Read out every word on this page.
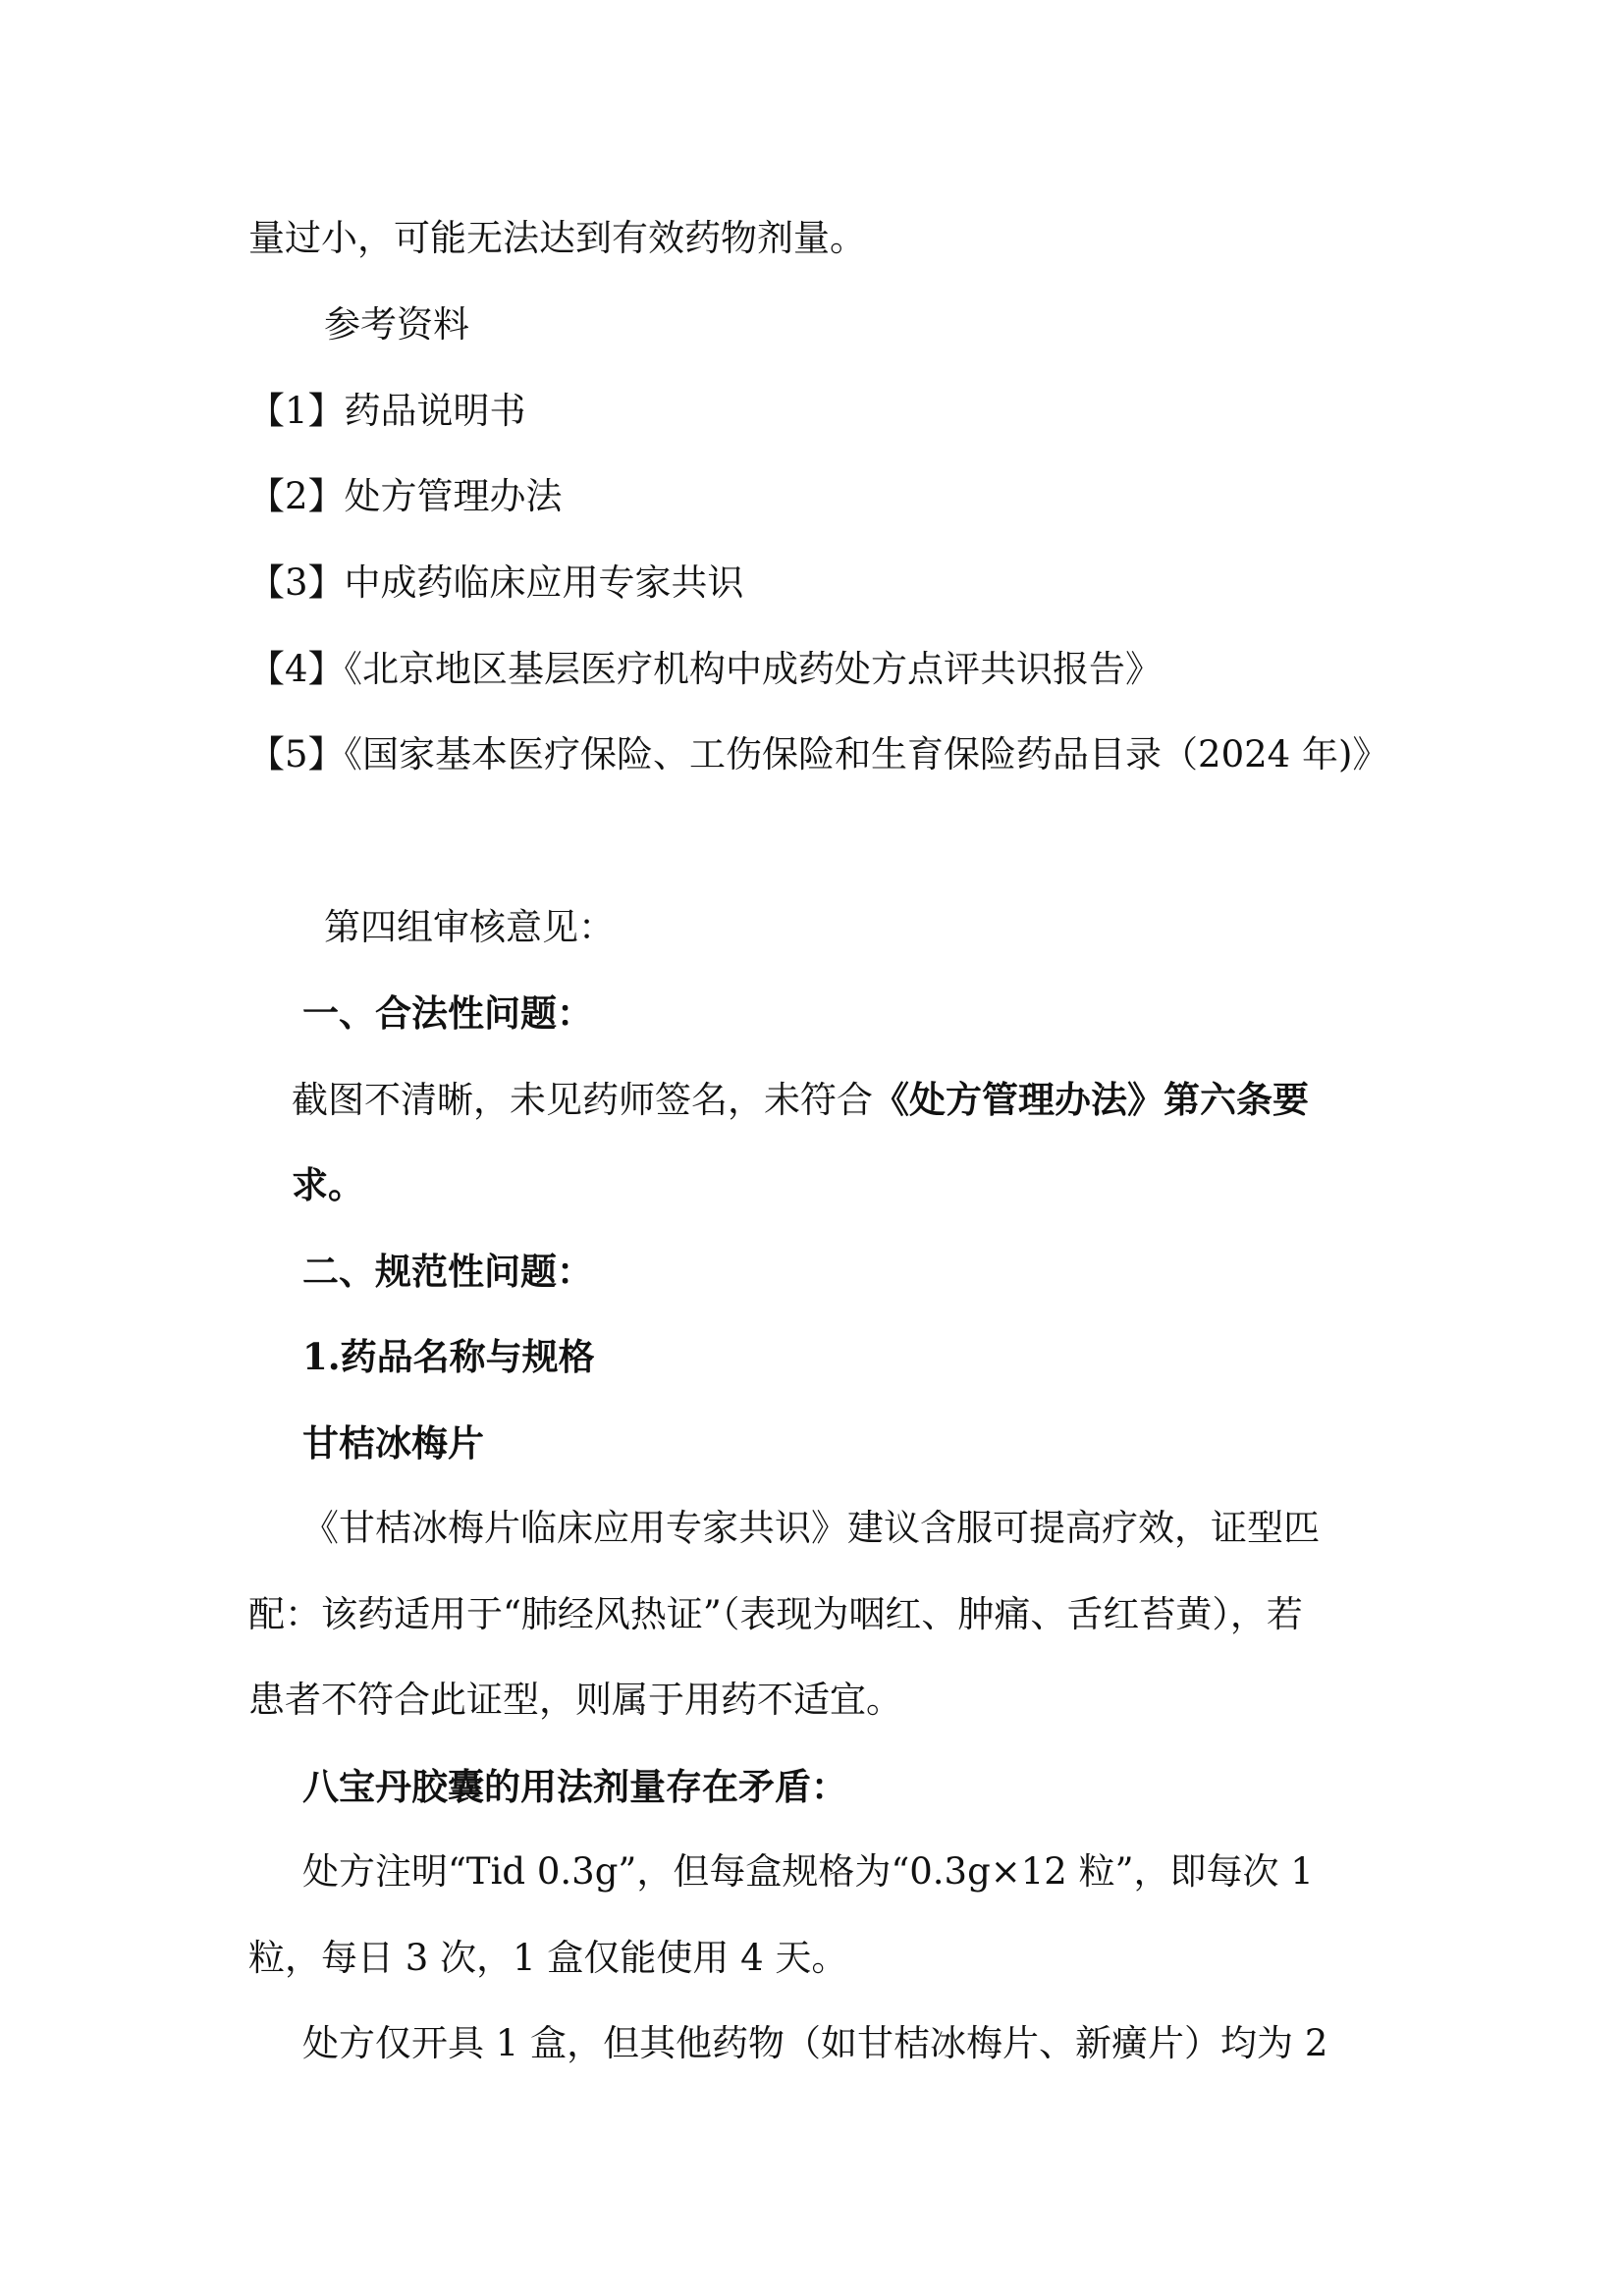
量过小，可能无法达到有效药物剂量。
参考资料
【1】药品说明书
【2】处方管理办法
【3】中成药临床应用专家共识
【4】《北京地区基层医疗机构中成药处方点评共识报告》
【5】《国家基本医疗保险、工伤保险和生育保险药品目录（2024 年)》
第四组审核意见：
一、合法性问题：
截图不清晰，未见药师签名，未符合《处方管理办法》第六条要
求。
二、规范性问题：
1.药品名称与规格
甘桔冰梅片
《甘桔冰梅片临床应用专家共识》建议含服可提高疗效，证型匹
配：该药适用于“肺经风热证”（表现为咽红、肿痛、舌红苔黄），若
患者不符合此证型，则属于用药不适宜。
八宝丹胶囊的用法剂量存在矛盾：
处方注明“Tid 0.3g”，但每盒规格为“0.3g×12 粒”，即每次 1
粒，每日 3 次，1 盒仅能使用 4 天。
处方仅开具 1 盒，但其他药物（如甘桔冰梅片、新癀片）均为 2
